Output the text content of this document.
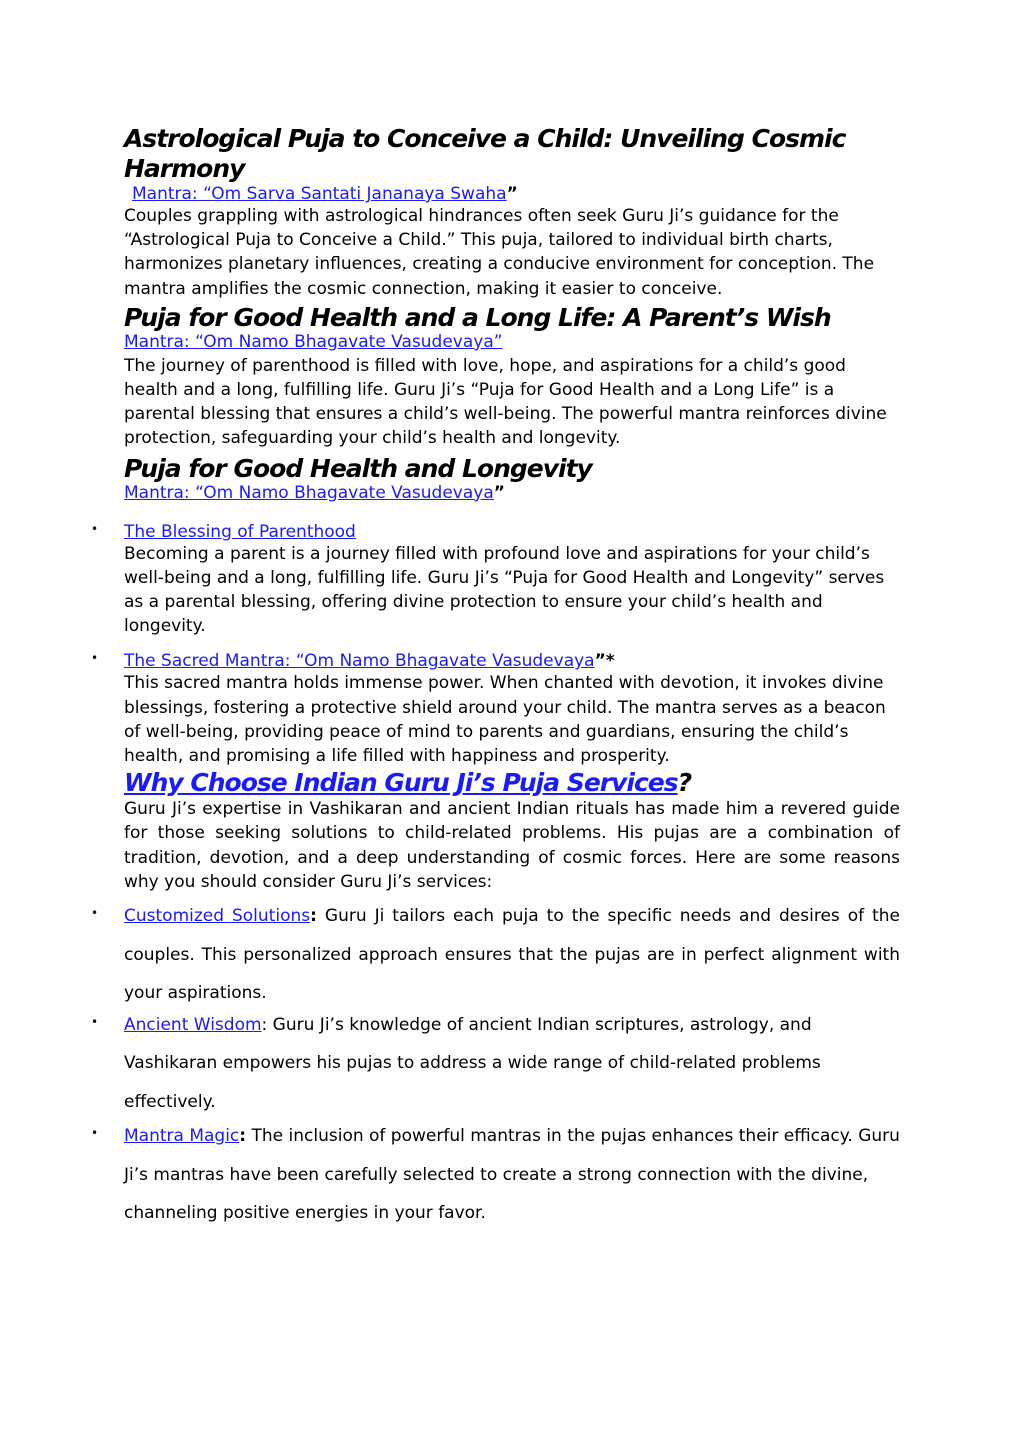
Astrological Puja to Conceive a Child: Unveiling Cosmic Harmony

Mantra: “Om Sarva Santati Jananaya Swaha”

Couples grappling with astrological hindrances often seek Guru Ji’s guidance for the “Astrological Puja to Conceive a Child.” This puja, tailored to individual birth charts, harmonizes planetary influences, creating a conducive environment for conception. The mantra amplifies the cosmic connection, making it easier to conceive.

Puja for Good Health and a Long Life: A Parent’s Wish

Mantra: “Om Namo Bhagavate Vasudevaya”

The journey of parenthood is filled with love, hope, and aspirations for a child’s good health and a long, fulfilling life. Guru Ji’s “Puja for Good Health and a Long Life” is a parental blessing that ensures a child’s well-being. The powerful mantra reinforces divine protection, safeguarding your child’s health and longevity.

Puja for Good Health and Longevity

Mantra: “Om Namo Bhagavate Vasudevaya”

• The Blessing of Parenthood

Becoming a parent is a journey filled with profound love and aspirations for your child’s well-being and a long, fulfilling life. Guru Ji’s “Puja for Good Health and Longevity” serves as a parental blessing, offering divine protection to ensure your child’s health and longevity.

• The Sacred Mantra: “Om Namo Bhagavate Vasudevaya”*

This sacred mantra holds immense power. When chanted with devotion, it invokes divine blessings, fostering a protective shield around your child. The mantra serves as a beacon of well-being, providing peace of mind to parents and guardians, ensuring the child’s health, and promising a life filled with happiness and prosperity.

Why Choose Indian Guru Ji’s Puja Services?

Guru Ji’s expertise in Vashikaran and ancient Indian rituals has made him a revered guide for those seeking solutions to child-related problems. His pujas are a combination of tradition, devotion, and a deep understanding of cosmic forces. Here are some reasons why you should consider Guru Ji’s services:

• Customized Solutions: Guru Ji tailors each puja to the specific needs and desires of the couples. This personalized approach ensures that the pujas are in perfect alignment with your aspirations.

• Ancient Wisdom: Guru Ji’s knowledge of ancient Indian scriptures, astrology, and Vashikaran empowers his pujas to address a wide range of child-related problems effectively.

• Mantra Magic: The inclusion of powerful mantras in the pujas enhances their efficacy. Guru Ji’s mantras have been carefully selected to create a strong connection with the divine, channeling positive energies in your favor.
